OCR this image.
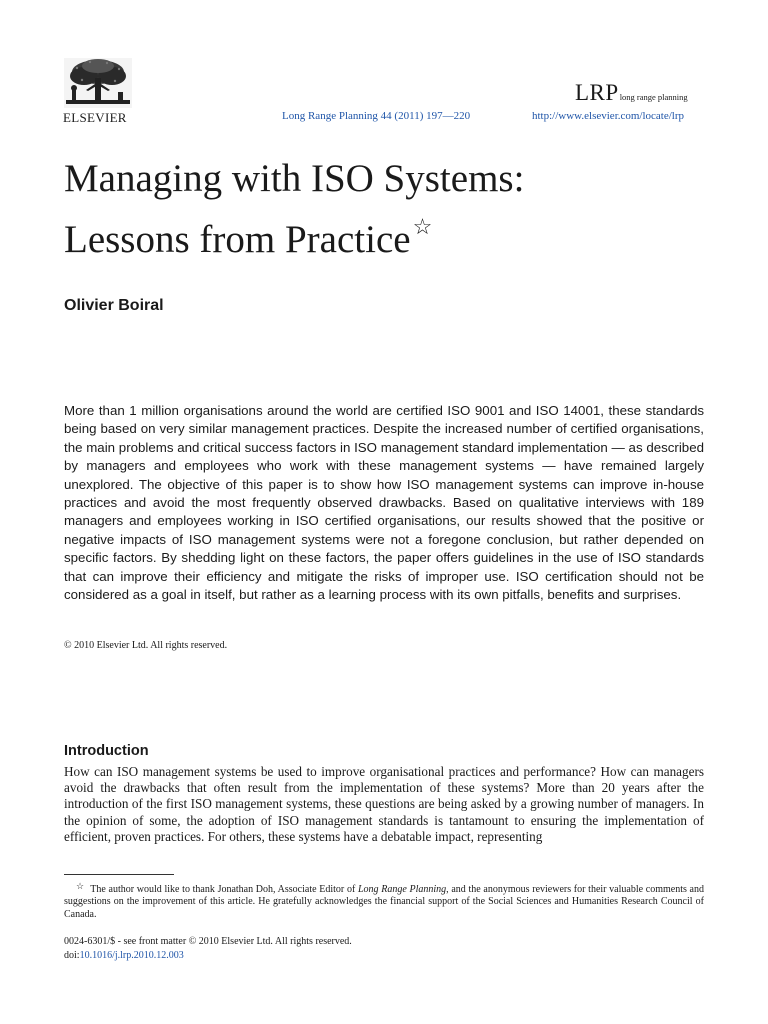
ELSEVIER	Long Range Planning 44 (2011) 197—220	http://www.elsevier.com/locate/lrp
LRPlong range planning
Managing with ISO Systems:
Lessons from Practice☆
Olivier Boiral

More than 1 million organisations around the world are certified ISO 9001 and ISO 14001, these standards being based on very similar management practices. Despite the increased number of certified organisations, the main problems and critical success factors in ISO management standard implementation — as described by managers and employees who work with these management systems — have remained largely unexplored. The objective of this paper is to show how ISO management systems can improve in-house practices and avoid the most frequently observed drawbacks. Based on qualitative interviews with 189 managers and employees working in ISO certified organisations, our results showed that the positive or negative impacts of ISO management systems were not a foregone conclusion, but rather depended on specific factors. By shedding light on these factors, the paper offers guidelines in the use of ISO standards that can improve their efficiency and mitigate the risks of improper use. ISO certification should not be considered as a goal in itself, but rather as a learning process with its own pitfalls, benefits and surprises.

© 2010 Elsevier Ltd. All rights reserved.
Introduction

How can ISO management systems be used to improve organisational practices and performance? How can managers avoid the drawbacks that often result from the implementation of these systems? More than 20 years after the introduction of the first ISO management systems, these questions are being asked by a growing number of managers. In the opinion of some, the adoption of ISO management standards is tantamount to ensuring the implementation of efficient, proven practices. For others, these systems have a debatable impact, representing

☆ The author would like to thank Jonathan Doh, Associate Editor of Long Range Planning, and the anonymous reviewers for their valuable comments and suggestions on the improvement of this article. He gratefully acknowledges the financial support of the Social Sciences and Humanities Research Council of Canada.

0024-6301/$ - see front matter © 2010 Elsevier Ltd. All rights reserved.
doi:10.1016/j.lrp.2010.12.003
